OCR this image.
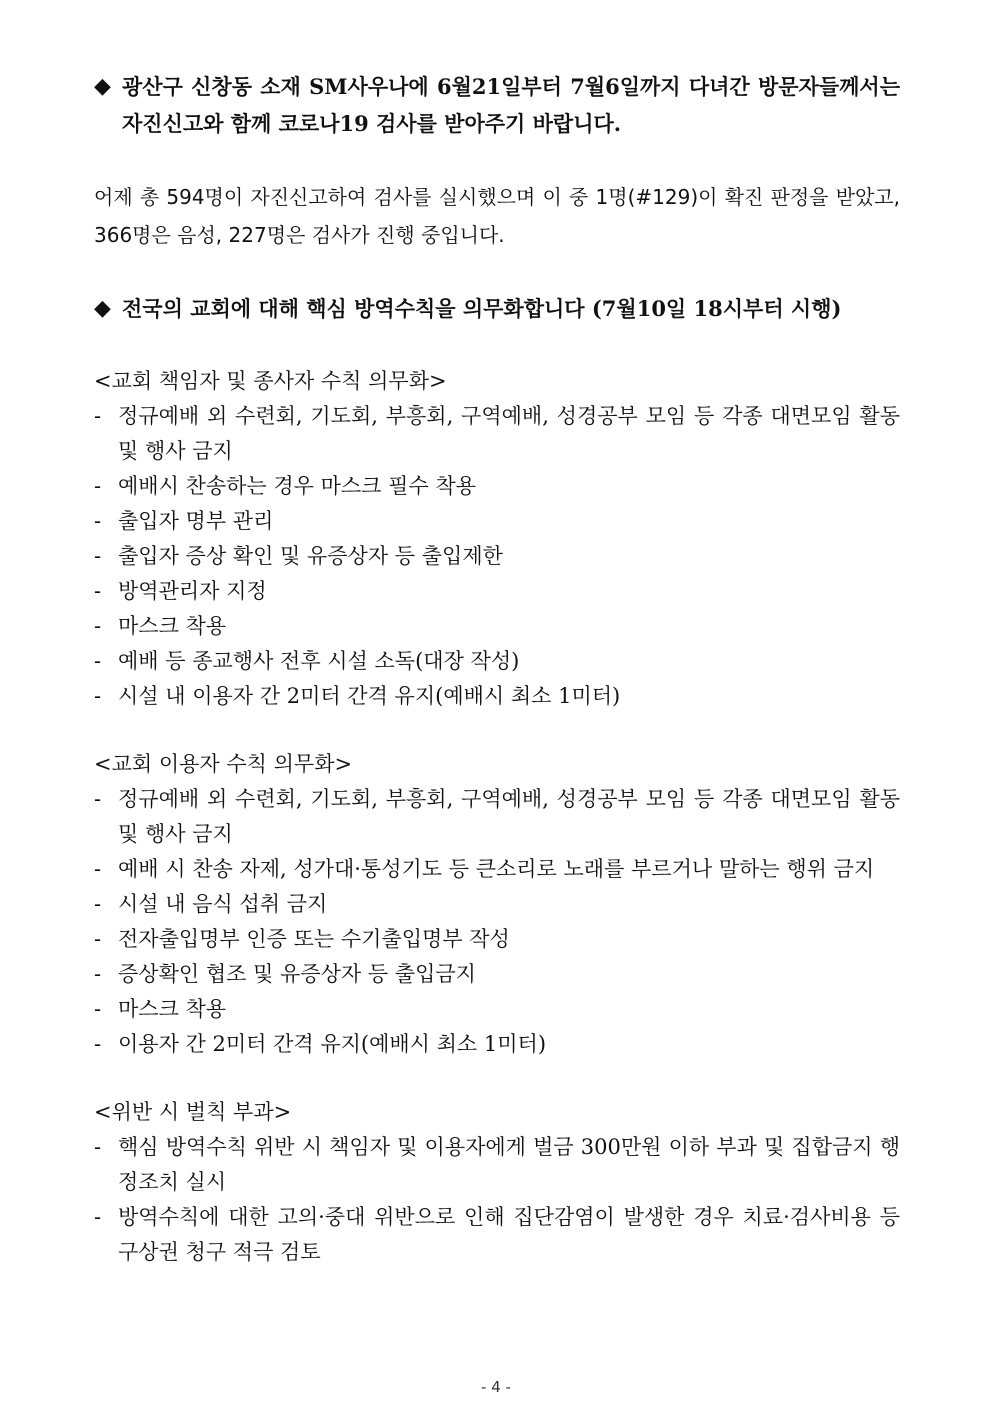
◆ 광산구 신창동 소재 SM사우나에 6월21일부터 7월6일까지 다녀간 방문자들께서는 자진신고와 함께 코로나19 검사를 받아주기 바랍니다.
어제 총 594명이 자진신고하여 검사를 실시했으며 이 중 1명(#129)이 확진 판정을 받았고, 366명은 음성, 227명은 검사가 진행 중입니다.
◆ 전국의 교회에 대해 핵심 방역수칙을 의무화합니다 (7월10일 18시부터 시행)
<교회 책임자 및 종사자 수칙 의무화>
- 정규예배 외 수련회, 기도회, 부흥회, 구역예배, 성경공부 모임 등 각종 대면모임 활동 및 행사 금지
- 예배시 찬송하는 경우 마스크 필수 착용
- 출입자 명부 관리
- 출입자 증상 확인 및 유증상자 등 출입제한
- 방역관리자 지정
- 마스크 착용
- 예배 등 종교행사 전후 시설 소독(대장 작성)
- 시설 내 이용자 간 2미터 간격 유지(예배시 최소 1미터)
<교회 이용자 수칙 의무화>
- 정규예배 외 수련회, 기도회, 부흥회, 구역예배, 성경공부 모임 등 각종 대면모임 활동 및 행사 금지
- 예배 시 찬송 자제, 성가대·통성기도 등 큰소리로 노래를 부르거나 말하는 행위 금지
- 시설 내 음식 섭취 금지
- 전자출입명부 인증 또는 수기출입명부 작성
- 증상확인 협조 및 유증상자 등 출입금지
- 마스크 착용
- 이용자 간 2미터 간격 유지(예배시 최소 1미터)
<위반 시 벌칙 부과>
- 핵심 방역수칙 위반 시 책임자 및 이용자에게 벌금 300만원 이하 부과 및 집합금지 행정조치 실시
- 방역수칙에 대한 고의·중대 위반으로 인해 집단감염이 발생한 경우 치료·검사비용 등 구상권 청구 적극 검토
- 4 -
